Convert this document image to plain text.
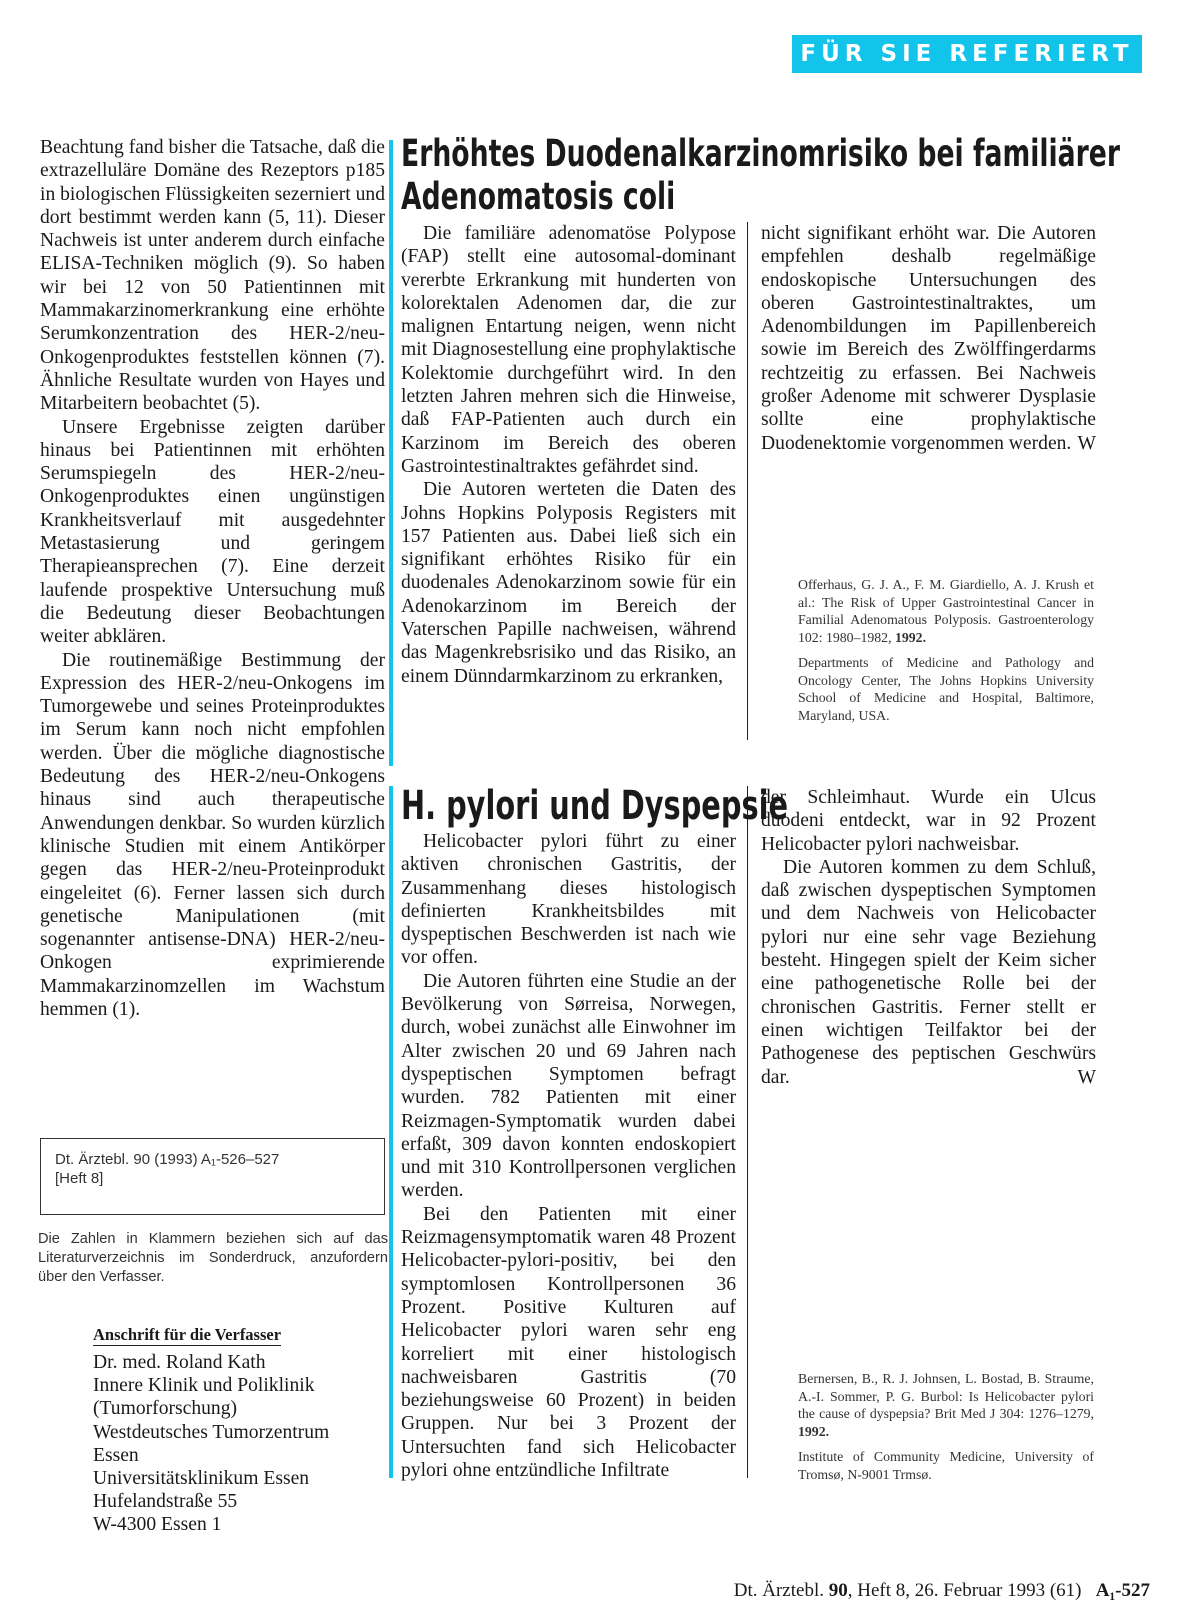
FÜR SIE REFERIERT

Beachtung fand bisher die Tatsache, daß die extrazelluläre Domäne des Rezeptors p185 in biologischen Flüssigkeiten sezerniert und dort bestimmt werden kann (5, 11). Dieser Nachweis ist unter anderem durch einfache ELISA-Techniken möglich (9). So haben wir bei 12 von 50 Patientinnen mit Mammakarzinomerkrankung eine erhöhte Serumkonzentration des HER-2/neu-Onkogenproduktes feststellen können (7). Ähnliche Resultate wurden von Hayes und Mitarbeitern beobachtet (5).

Unsere Ergebnisse zeigten darüber hinaus bei Patientinnen mit erhöhten Serumspiegeln des HER-2/neu-Onkogenproduktes einen ungünstigen Krankheitsverlauf mit ausgedehnter Metastasierung und geringem Therapieansprechen (7). Eine derzeit laufende prospektive Untersuchung muß die Bedeutung dieser Beobachtungen weiter abklären.

Die routinemäßige Bestimmung der Expression des HER-2/neu-Onkogens im Tumorgewebe und seines Proteinproduktes im Serum kann noch nicht empfohlen werden. Über die mögliche diagnostische Bedeutung des HER-2/neu-Onkogens hinaus sind auch therapeutische Anwendungen denkbar. So wurden kürzlich klinische Studien mit einem Antikörper gegen das HER-2/neu-Proteinprodukt eingeleitet (6). Ferner lassen sich durch genetische Manipulationen (mit sogenannter antisense-DNA) HER-2/neu-Onkogen exprimierende Mammakarzinomzellen im Wachstum hemmen (1).

Dt. Ärztebl. 90 (1993) A₁-526–527
[Heft 8]

Die Zahlen in Klammern beziehen sich auf das Literaturverzeichnis im Sonderdruck, anzufordern über den Verfasser.

Anschrift für die Verfasser
Dr. med. Roland Kath
Innere Klinik und Poliklinik
(Tumorforschung)
Westdeutsches Tumorzentrum
Essen
Universitätsklinikum Essen
Hufelandstraße 55
W-4300 Essen 1
Erhöhtes Duodenalkarzinomrisiko bei familiärer
Adenomatosis coli

Die familiäre adenomatöse Polypose (FAP) stellt eine autosomal-dominant vererbte Erkrankung mit hunderten von kolorektalen Adenomen dar, die zur malignen Entartung neigen, wenn nicht mit Diagnosestellung eine prophylaktische Kolektomie durchgeführt wird. In den letzten Jahren mehren sich die Hinweise, daß FAP-Patienten auch durch ein Karzinom im Bereich des oberen Gastrointestinaltraktes gefährdet sind.

Die Autoren werteten die Daten des Johns Hopkins Polyposis Registers mit 157 Patienten aus. Dabei ließ sich ein signifikant erhöhtes Risiko für ein duodenales Adenokarzinom sowie für ein Adenokarzinom im Bereich der Vaterschen Papille nachweisen, während das Magenkrebsrisiko und das Risiko, an einem Dünndarmkarzinom zu erkranken,

nicht signifikant erhöht war. Die Autoren empfehlen deshalb regelmäßige endoskopische Untersuchungen des oberen Gastrointestinaltraktes, um Adenombildungen im Papillenbereich sowie im Bereich des Zwölffingerdarms rechtzeitig zu erfassen. Bei Nachweis großer Adenome mit schwerer Dysplasie sollte eine prophylaktische Duodenektomie vorgenommen werden. W

Offerhaus, G. J. A., F. M. Giardiello, A. J. Krush et al.: The Risk of Upper Gastrointestinal Cancer in Familial Adenomatous Polyposis. Gastroenterology 102: 1980–1982, 1992.

Departments of Medicine and Pathology and Oncology Center, The Johns Hopkins University School of Medicine and Hospital, Baltimore, Maryland, USA.

H. pylori und Dyspepsie

Helicobacter pylori führt zu einer aktiven chronischen Gastritis, der Zusammenhang dieses histologisch definierten Krankheitsbildes mit dyspeptischen Beschwerden ist nach wie vor offen.

Die Autoren führten eine Studie an der Bevölkerung von Sørreisa, Norwegen, durch, wobei zunächst alle Einwohner im Alter zwischen 20 und 69 Jahren nach dyspeptischen Symptomen befragt wurden. 782 Patienten mit einer Reizmagen-Symptomatik wurden dabei erfaßt, 309 davon konnten endoskopiert und mit 310 Kontrollpersonen verglichen werden.

Bei den Patienten mit einer Reizmagensymptomatik waren 48 Prozent Helicobacter-pylori-positiv, bei den symptomlosen Kontrollpersonen 36 Prozent. Positive Kulturen auf Helicobacter pylori waren sehr eng korreliert mit einer histologisch nachweisbaren Gastritis (70 beziehungsweise 60 Prozent) in beiden Gruppen. Nur bei 3 Prozent der Untersuchten fand sich Helicobacter pylori ohne entzündliche Infiltrate

der Schleimhaut. Wurde ein Ulcus duodeni entdeckt, war in 92 Prozent Helicobacter pylori nachweisbar.

Die Autoren kommen zu dem Schluß, daß zwischen dyspeptischen Symptomen und dem Nachweis von Helicobacter pylori nur eine sehr vage Beziehung besteht. Hingegen spielt der Keim sicher eine pathogenetische Rolle bei der chronischen Gastritis. Ferner stellt er einen wichtigen Teilfaktor bei der Pathogenese des peptischen Geschwürs dar.	W

Bernersen, B., R. J. Johnsen, L. Bostad, B. Straume, A.-I. Sommer, P. G. Burbol: Is Helicobacter pylori the cause of dyspepsia? Brit Med J 304: 1276–1279, 1992.

Institute of Community Medicine, University of Tromsø, N-9001 Trmsø.

Dt. Ärztebl. 90, Heft 8, 26. Februar 1993 (61) A₁-527
